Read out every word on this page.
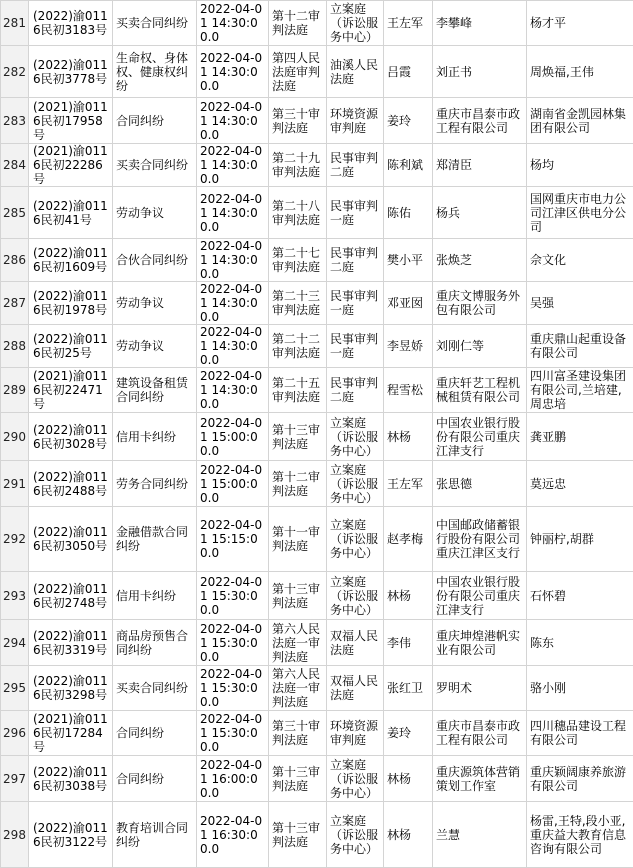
281	(2022)渝0116民初3183号	买卖合同纠纷	2022-04-01 14:30:00.0	第十二审判法庭	立案庭（诉讼服务中心）	王左军	李攀峰	杨才平
282	(2022)渝0116民初3778号	生命权、身体权、健康权纠纷	2022-04-01 14:30:00.0	第四人民法庭审判法庭	油溪人民法庭	吕霞	刘正书	周焕福,王伟
283	(2021)渝0116民初17958号	合同纠纷	2022-04-01 14:30:00.0	第三十审判法庭	环境资源审判庭	姜玲	重庆市昌泰市政工程有限公司	湖南省金凯园林集团有限公司
284	(2021)渝0116民初22286号	买卖合同纠纷	2022-04-01 14:30:00.0	第二十九审判法庭	民事审判二庭	陈利斌	郑清臣	杨均
285	(2022)渝0116民初41号	劳动争议	2022-04-01 14:30:00.0	第二十八审判法庭	民事审判一庭	陈佑	杨兵	国网重庆市电力公司江津区供电分公司
286	(2022)渝0116民初1609号	合伙合同纠纷	2022-04-01 14:30:00.0	第二十七审判法庭	民事审判二庭	樊小平	张焕芝	佘文化
287	(2022)渝0116民初1978号	劳动争议	2022-04-01 14:30:00.0	第二十三审判法庭	民事审判一庭	邓亚囡	重庆文博服务外包有限公司	吴强
288	(2022)渝0116民初25号	劳动争议	2022-04-01 14:30:00.0	第二十二审判法庭	民事审判一庭	李昱娇	刘刚仁等	重庆鼎山起重设备有限公司
289	(2021)渝0116民初22471号	建筑设备租赁合同纠纷	2022-04-01 14:30:00.0	第二十五审判法庭	民事审判二庭	程雪松	重庆轩艺工程机械租赁有限公司	四川富圣建设集团有限公司,兰培建,周忠培
290	(2022)渝0116民初3028号	信用卡纠纷	2022-04-01 15:00:00.0	第十三审判法庭	立案庭（诉讼服务中心）	林杨	中国农业银行股份有限公司重庆江津支行	龚亚鹏
291	(2022)渝0116民初2488号	劳务合同纠纷	2022-04-01 15:00:00.0	第十二审判法庭	立案庭（诉讼服务中心）	王左军	张思德	莫远忠
292	(2022)渝0116民初3050号	金融借款合同纠纷	2022-04-01 15:15:00.0	第十一审判法庭	立案庭（诉讼服务中心）	赵孝梅	中国邮政储蓄银行股份有限公司重庆江津区支行	钟丽柠,胡群
293	(2022)渝0116民初2748号	信用卡纠纷	2022-04-01 15:30:00.0	第十三审判法庭	立案庭（诉讼服务中心）	林杨	中国农业银行股份有限公司重庆江津支行	石怀碧
294	(2022)渝0116民初3319号	商品房预售合同纠纷	2022-04-01 15:30:00.0	第六人民法庭一审判法庭	双福人民法庭	李伟	重庆坤煌港帆实业有限公司	陈东
295	(2022)渝0116民初3298号	买卖合同纠纷	2022-04-01 15:30:00.0	第六人民法庭一审判法庭	双福人民法庭	张红卫	罗明术	骆小刚
296	(2021)渝0116民初17284号	合同纠纷	2022-04-01 15:30:00.0	第三十审判法庭	环境资源审判庭	姜玲	重庆市昌泰市政工程有限公司	四川穗品建设工程有限公司
297	(2022)渝0116民初3038号	合同纠纷	2022-04-01 16:00:00.0	第十三审判法庭	立案庭（诉讼服务中心）	林杨	重庆源筑体营销策划工作室	重庆颖阔康养旅游有限公司
298	(2022)渝0116民初3122号	教育培训合同纠纷	2022-04-01 16:30:00.0	第十三审判法庭	立案庭（诉讼服务中心）	林杨	兰慧	杨雷,王特,段小亚,重庆益大教育信息咨询有限公司
